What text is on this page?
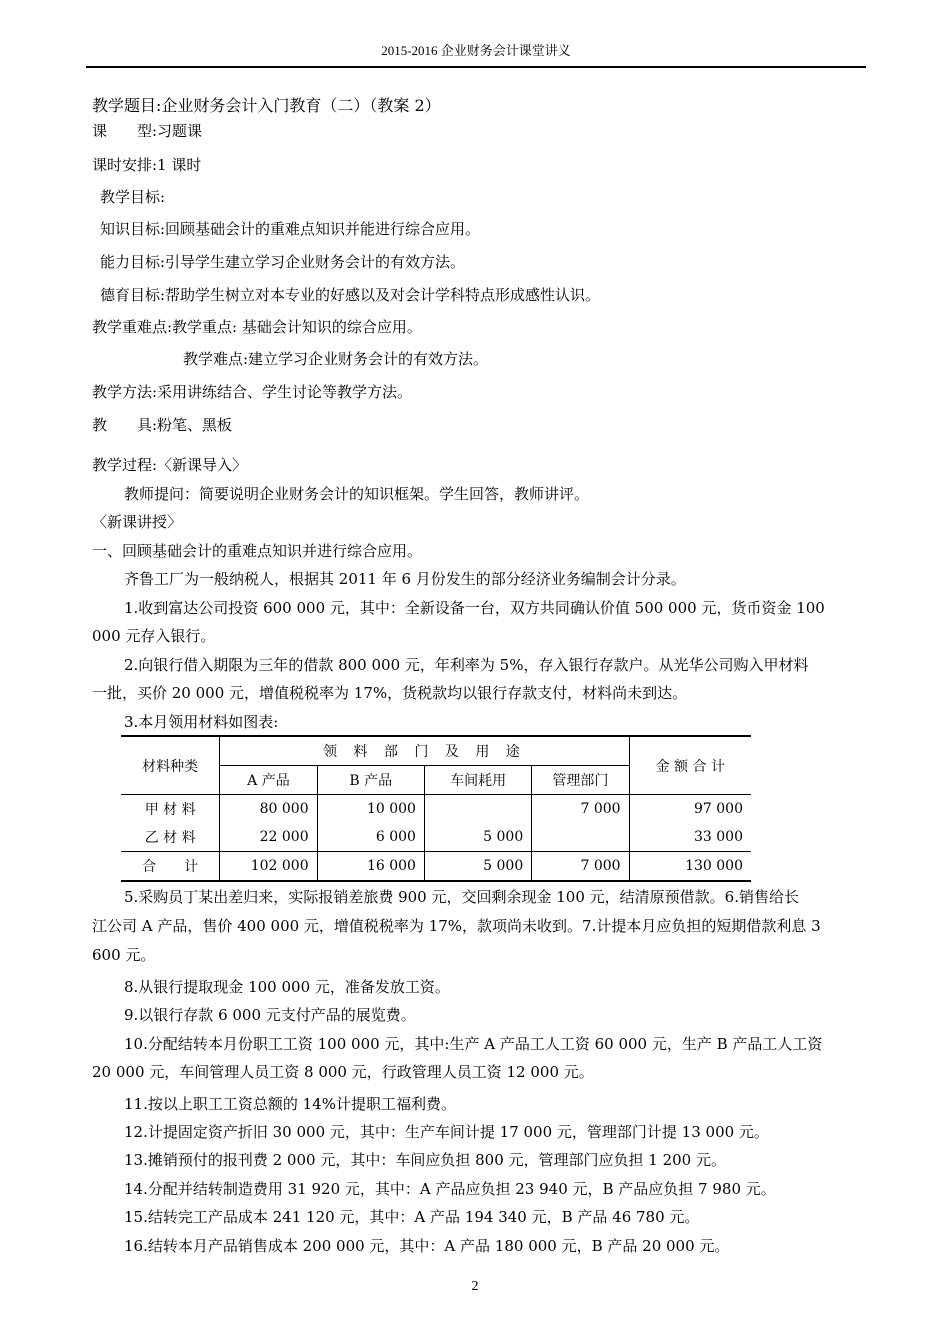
2015-2016 企业财务会计课堂讲义
教学题目:企业财务会计入门教育（二）（教案 2）
课　　型:习题课
课时安排:1 课时
教学目标:
知识目标:回顾基础会计的重难点知识并能进行综合应用。
能力目标:引导学生建立学习企业财务会计的有效方法。
德育目标:帮助学生树立对本专业的好感以及对会计学科特点形成感性认识。
教学重难点:教学重点: 基础会计知识的综合应用。
教学难点:建立学习企业财务会计的有效方法。
教学方法:采用讲练结合、学生讨论等教学方法。
教　　具:粉笔、黑板
教学过程:〈新课导入〉
教师提问：简要说明企业财务会计的知识框架。学生回答，教师讲评。
〈新课讲授〉
一、回顾基础会计的重难点知识并进行综合应用。
齐鲁工厂为一般纳税人，根据其 2011 年 6 月份发生的部分经济业务编制会计分录。
1.收到富达公司投资 600 000 元，其中：全新设备一台，双方共同确认价值 500 000 元，货币资金 100
000 元存入银行。
2.向银行借入期限为三年的借款 800 000 元，年利率为 5%，存入银行存款户。从光华公司购入甲材料
一批，买价 20 000 元，增值税税率为 17%，货税款均以银行存款支付，材料尚未到达。
3.本月领用材料如图表:
材料种类	领 料 部 门 及 用 途				金 额 合 计
	A 产品	B 产品	车间耗用	管理部门	
甲 材 料	80 000	10 000		7 000	97 000
乙 材 料	22 000	6 000	5 000		33 000
合　　计	102 000	16 000	5 000	7 000	130 000
5.采购员丁某出差归来，实际报销差旅费 900 元，交回剩余现金 100 元，结清原预借款。6.销售给长
江公司 A 产品，售价 400 000 元，增值税税率为 17%，款项尚未收到。7.计提本月应负担的短期借款利息 3
600 元。
8.从银行提取现金 100 000 元，准备发放工资。
9.以银行存款 6 000 元支付产品的展览费。
10.分配结转本月份职工工资 100 000 元，其中:生产 A 产品工人工资 60 000 元，生产 B 产品工人工资
20 000 元，车间管理人员工资 8 000 元，行政管理人员工资 12 000 元。
11.按以上职工工资总额的 14%计提职工福利费。
12.计提固定资产折旧 30 000 元，其中：生产车间计提 17 000 元，管理部门计提 13 000 元。
13.摊销预付的报刊费 2 000 元，其中：车间应负担 800 元，管理部门应负担 1 200 元。
14.分配并结转制造费用 31 920 元，其中：A 产品应负担 23 940 元，B 产品应负担 7 980 元。
15.结转完工产品成本 241 120 元，其中：A 产品 194 340 元，B 产品 46 780 元。
16.结转本月产品销售成本 200 000 元，其中：A 产品 180 000 元，B 产品 20 000 元。
2
